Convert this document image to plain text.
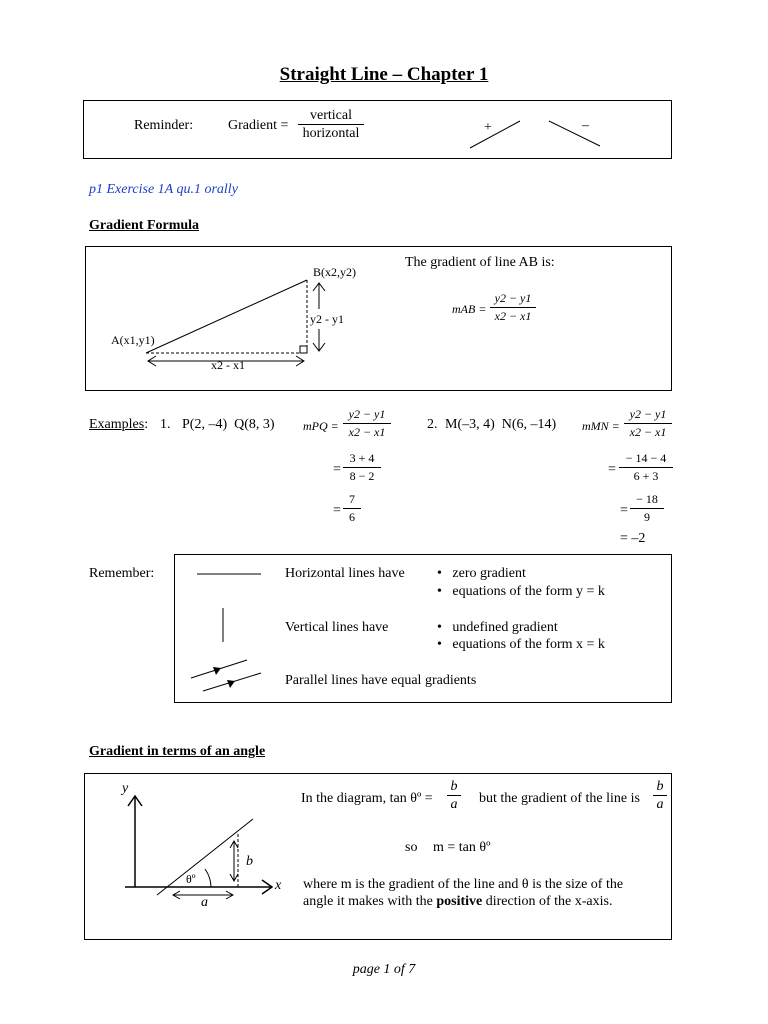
Straight Line – Chapter 1
Reminder: Gradient =
vertical
horizontal	+	–
p1 Exercise 1A qu.1 orally
Gradient Formula
A(x1,y1)
B(x2,y2)
y2 - y1
x2 - x1
The gradient of line AB is:
mAB = $\frac{y2 - y1}{x2 - x1}$
Examples: 1. P(2, –4)  Q(8, 3) mPQ = $\frac{y2 - y1}{x2 - x1}$
= $\frac{3 + 4}{8 - 2}$
= $\frac{7}{6}$
2. M(–3, 4)  N(6, –14) mMN = $\frac{y2 - y1}{x2 - x1}$
= $\frac{- 14 - 4}{6 + 3}$
= $\frac{- 18}{9}$
= –2
Remember:	Horizontal lines have •   zero gradient
•   equations of the form y = k
Vertical lines have	•   undefined gradient
•   equations of the form x = k
Parallel lines have equal gradients
Gradient in terms of an angle
y
x
b
a
θº
In the diagram, tan θº = $\frac{b}{a}$ but the gradient of the line is $\frac{b}{a}$
so m = tan θº
where m is the gradient of the line and θ is the size of the
angle it makes with the positive direction of the x-axis.
page 1 of 7
